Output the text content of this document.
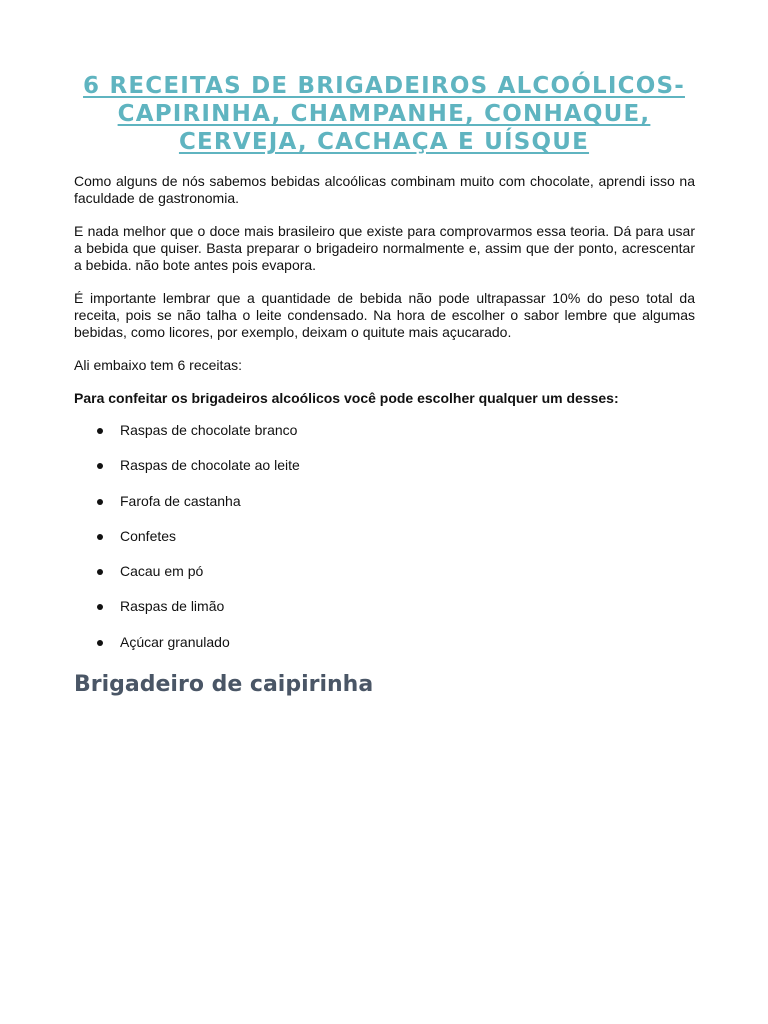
6 RECEITAS DE BRIGADEIROS ALCOÓLICOS- CAPIRINHA, CHAMPANHE, CONHAQUE, CERVEJA, CACHAÇA E UÍSQUE

Como alguns de nós sabemos bebidas alcoólicas combinam muito com chocolate, aprendi isso na faculdade de gastronomia.

E nada melhor que o doce mais brasileiro que existe para comprovarmos essa teoria. Dá para usar a bebida que quiser. Basta preparar o brigadeiro normalmente e, assim que der ponto, acrescentar a bebida. não bote antes pois evapora.

É importante lembrar que a quantidade de bebida não pode ultrapassar 10% do peso total da receita, pois se não talha o leite condensado. Na hora de escolher o sabor lembre que algumas bebidas, como licores, por exemplo, deixam o quitute mais açucarado.

Ali embaixo tem 6 receitas:

Para confeitar os brigadeiros alcoólicos você pode escolher qualquer um desses:

Raspas de chocolate branco
Raspas de chocolate ao leite
Farofa de castanha
Confetes
Cacau em pó
Raspas de limão
Açúcar granulado
Brigadeiro de caipirinha
